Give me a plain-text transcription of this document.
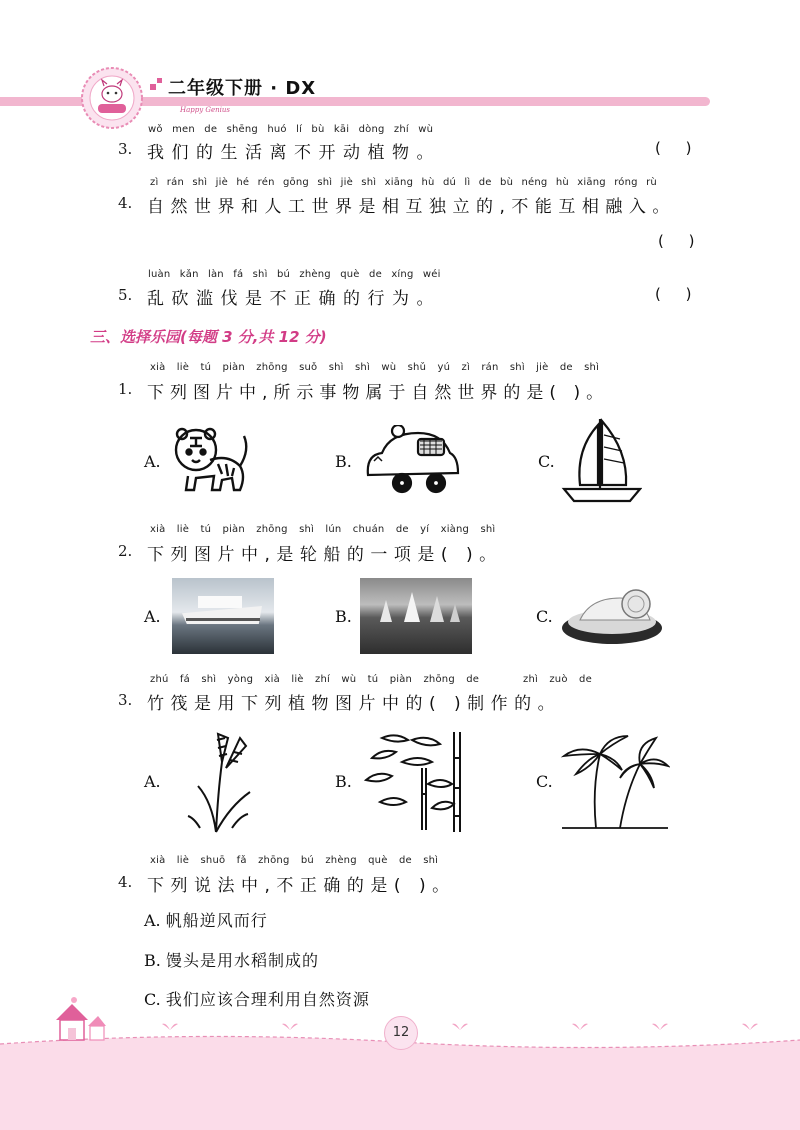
二年级下册 · DX
Happy Genius
wǒ men de shēng huó lí bù kāi dòng zhí wù
3. 我们的生活离不开动植物。	( )
zì rán shì jiè hé rén gōng shì jiè shì xiāng hù dú lì de bù néng hù xiāng róng rù
4. 自然世界和人工世界是相互独立的,不能互相融入。
( )
luàn kǎn làn fá shì bú zhèng què de xíng wéi
5. 乱砍滥伐是不正确的行为。	( )
三、选择乐园(每题 3 分,共 12 分)
xià liè tú piàn zhōng suǒ shì shì wù shǔ yú zì rán shì jiè de shì
1. 下列图片中,所示事物属于自然世界的是( )。
A.	B.	C.
xià liè tú piàn zhōng shì lún chuán de yí xiàng shì
2. 下列图片中,是轮船的一项是( )。
A.	B.	C.
zhú fá shì yòng xià liè zhí wù tú piàn zhōng de	zhì zuò de
3. 竹筏是用下列植物图片中的( )制作的。
A.	B.	C.
xià liè shuō fǎ zhōng bú zhèng què de shì
4. 下列说法中,不正确的是( )。
A. 帆船逆风而行
B. 馒头是用水稻制成的
C. 我们应该合理利用自然资源
12
